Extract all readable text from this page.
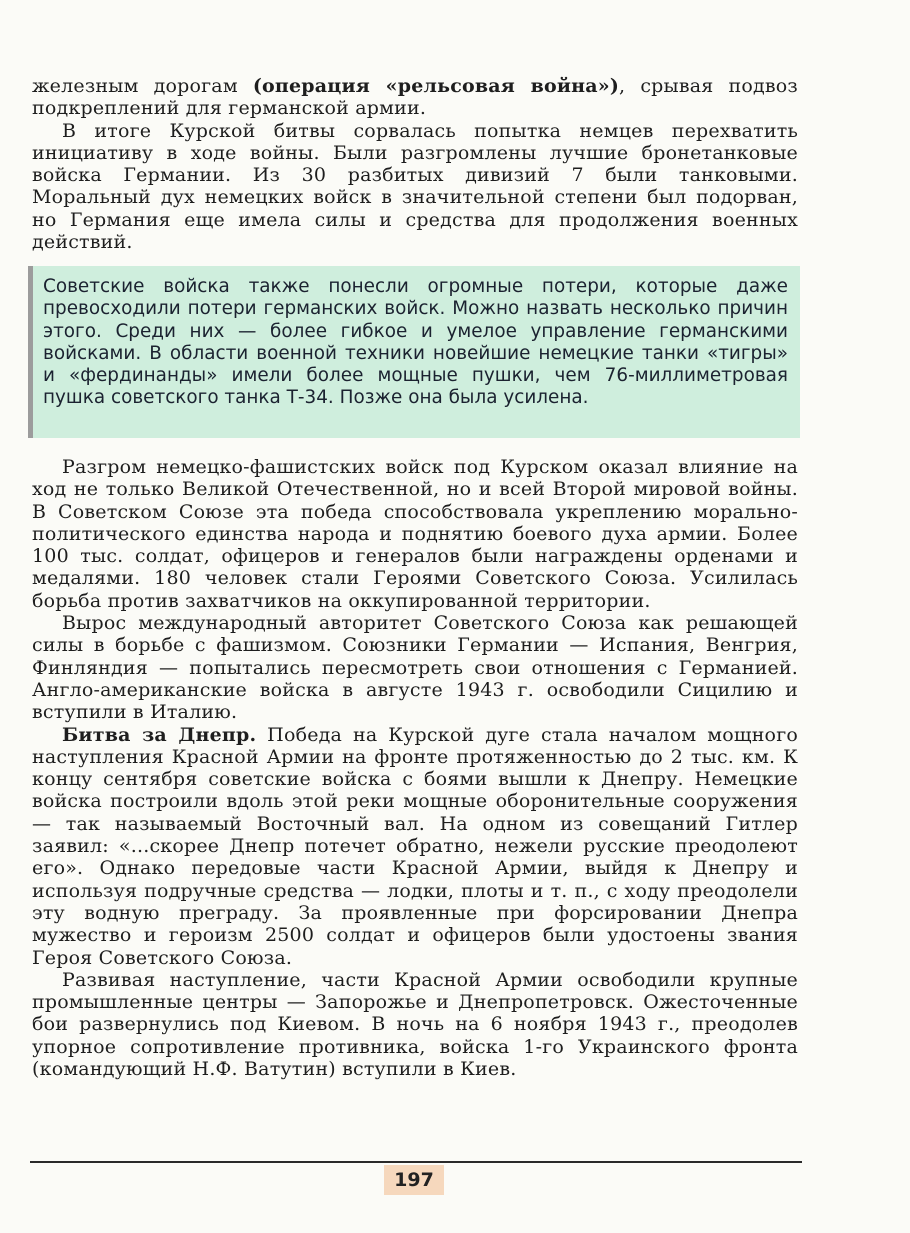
железным дорогам (операция «рельсовая война»), срывая подвоз подкреплений для германской армии.

В итоге Курской битвы сорвалась попытка немцев перехватить инициативу в ходе войны. Были разгромлены лучшие бронетанковые войска Германии. Из 30 разбитых дивизий 7 были танковыми. Моральный дух немецких войск в значительной степени был подорван, но Германия еще имела силы и средства для продолжения военных действий.

Советские войска также понесли огромные потери, которые даже превосходили потери германских войск. Можно назвать несколько причин этого. Среди них — более гибкое и умелое управление германскими войсками. В области военной техники новейшие немецкие танки «тигры» и «фердинанды» имели более мощные пушки, чем 76-миллиметровая пушка советского танка Т-34. Позже она была усилена.

Разгром немецко-фашистских войск под Курском оказал влияние на ход не только Великой Отечественной, но и всей Второй мировой войны. В Советском Союзе эта победа способствовала укреплению морально-политического единства народа и поднятию боевого духа армии. Более 100 тыс. солдат, офицеров и генералов были награждены орденами и медалями. 180 человек стали Героями Советского Союза. Усилилась борьба против захватчиков на оккупированной территории.

Вырос международный авторитет Советского Союза как решающей силы в борьбе с фашизмом. Союзники Германии — Испания, Венгрия, Финляндия — попытались пересмотреть свои отношения с Германией. Англо-американские войска в августе 1943 г. освободили Сицилию и вступили в Италию.

Битва за Днепр. Победа на Курской дуге стала началом мощного наступления Красной Армии на фронте протяженностью до 2 тыс. км. К концу сентября советские войска с боями вышли к Днепру. Немецкие войска построили вдоль этой реки мощные оборонительные сооружения — так называемый Восточный вал. На одном из совещаний Гитлер заявил: «...скорее Днепр потечет обратно, нежели русские преодолеют его». Однако передовые части Красной Армии, выйдя к Днепру и используя подручные средства — лодки, плоты и т. п., с ходу преодолели эту водную преграду. За проявленные при форсировании Днепра мужество и героизм 2500 солдат и офицеров были удостоены звания Героя Советского Союза.

Развивая наступление, части Красной Армии освободили крупные промышленные центры — Запорожье и Днепропетровск. Ожесточенные бои развернулись под Киевом. В ночь на 6 ноября 1943 г., преодолев упорное сопротивление противника, войска 1-го Украинского фронта (командующий Н.Ф. Ватутин) вступили в Киев.

197
